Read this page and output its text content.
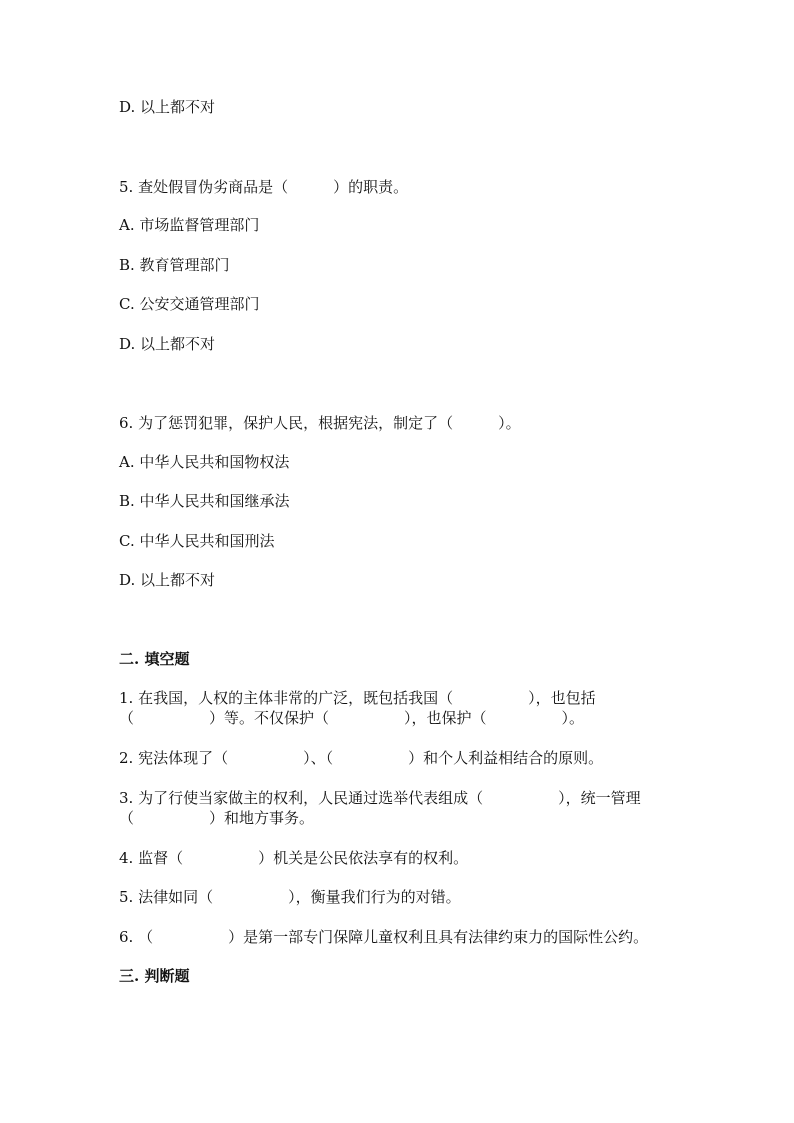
D. 以上都不对
5. 查处假冒伪劣商品是（　　　）的职责。
A. 市场监督管理部门
B. 教育管理部门
C. 公安交通管理部门
D. 以上都不对
6. 为了惩罚犯罪，保护人民，根据宪法，制定了（　　　）。
A. 中华人民共和国物权法
B. 中华人民共和国继承法
C. 中华人民共和国刑法
D. 以上都不对
二. 填空题
1. 在我国，人权的主体非常的广泛，既包括我国（　　　　　），也包括
（　　　　　）等。不仅保护（　　　　　），也保护（　　　　　）。
2. 宪法体现了（　　　　　）、（　　　　　）和个人利益相结合的原则。
3. 为了行使当家做主的权利，人民通过选举代表组成（　　　　　），统一管理
（　　　　　）和地方事务。
4. 监督（　　　　　）机关是公民依法享有的权利。
5. 法律如同（　　　　　），衡量我们行为的对错。
6. （　　　　　）是第一部专门保障儿童权利且具有法律约束力的国际性公约。
三. 判断题
